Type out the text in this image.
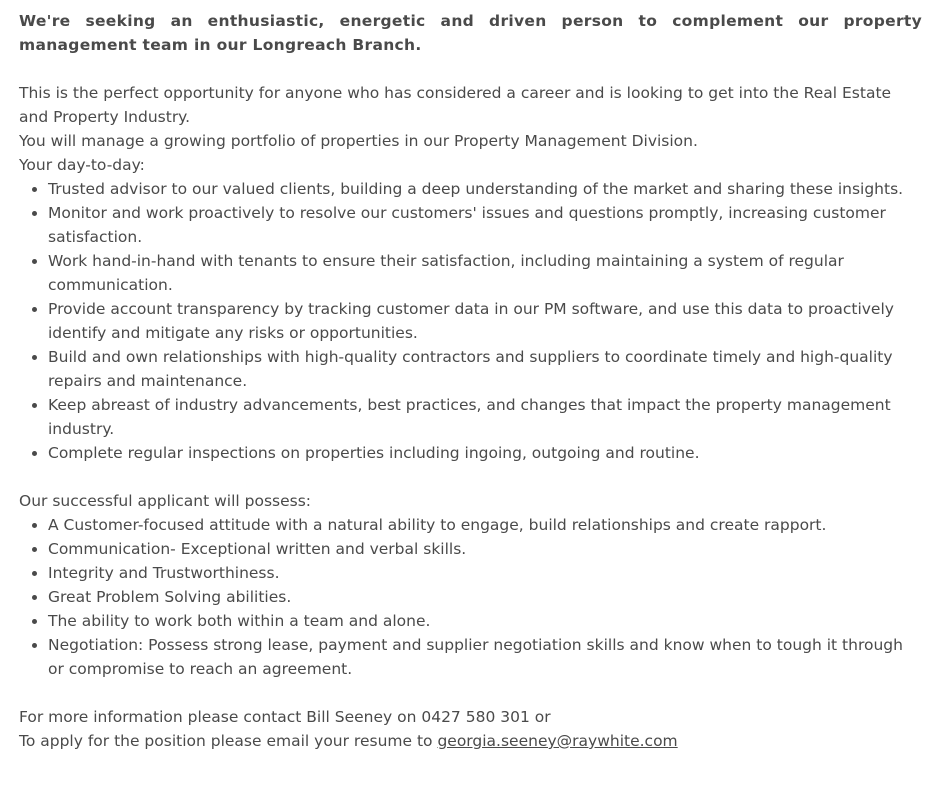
We're seeking an enthusiastic, energetic and driven person to complement our property management team in our Longreach Branch.

This is the perfect opportunity for anyone who has considered a career and is looking to get into the Real Estate and Property Industry.

You will manage a growing portfolio of properties in our Property Management Division.

Your day-to-day:

• Trusted advisor to our valued clients, building a deep understanding of the market and sharing these insights.
• Monitor and work proactively to resolve our customers' issues and questions promptly, increasing customer satisfaction.
• Work hand-in-hand with tenants to ensure their satisfaction, including maintaining a system of regular communication.
• Provide account transparency by tracking customer data in our PM software, and use this data to proactively identify and mitigate any risks or opportunities.
• Build and own relationships with high-quality contractors and suppliers to coordinate timely and high-quality repairs and maintenance.
• Keep abreast of industry advancements, best practices, and changes that impact the property management industry.
• Complete regular inspections on properties including ingoing, outgoing and routine.

Our successful applicant will possess:

• A Customer-focused attitude with a natural ability to engage, build relationships and create rapport.
• Communication- Exceptional written and verbal skills.
• Integrity and Trustworthiness.
• Great Problem Solving abilities.
• The ability to work both within a team and alone.
• Negotiation: Possess strong lease, payment and supplier negotiation skills and know when to tough it through or compromise to reach an agreement.

For more information please contact Bill Seeney on 0427 580 301 or

To apply for the position please email your resume to georgia.seeney@raywhite.com
